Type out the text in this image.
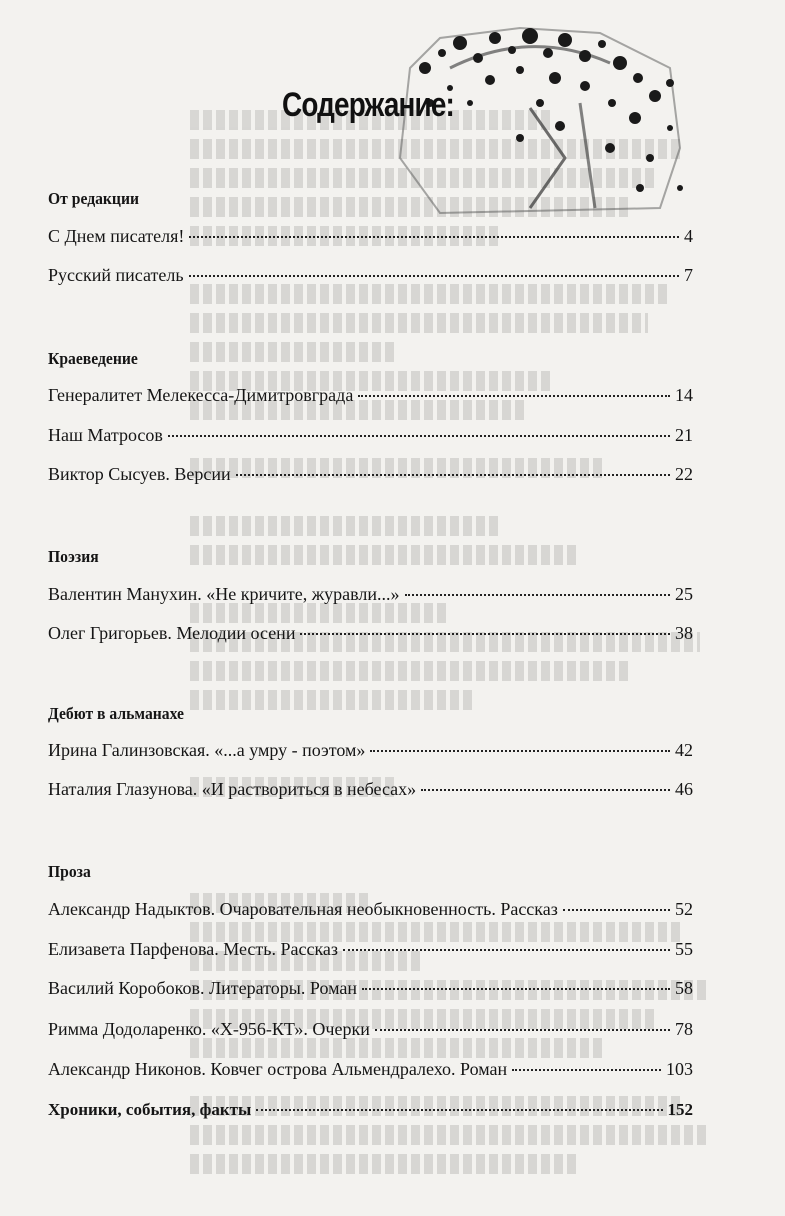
Содержание:
От редакции
С Днем писателя!	4
Русский писатель	7
Краеведение
Генералитет Мелекесса-Димитровграда	14
Наш Матросов	21
Виктор Сысуев. Версии	22
Поэзия
Валентин Манухин. «Не кричите, журавли...»	25
Олег Григорьев. Мелодии осени	38
Дебют в альманахе
Ирина Галинзовская. «...а умру - поэтом»	42
Наталия Глазунова. «И раствориться в небесах»	46
Проза
Александр Надыктов. Очаровательная необыкновенность. Рассказ	52
Елизавета Парфенова. Месть. Рассказ	55
Василий Коробоков. Литераторы. Роман	58
Римма Додоларенко. «Х-956-КТ». Очерки	78
Александр Никонов. Ковчег острова Альмендралехо. Роман	103
Хроники, события, факты	152
